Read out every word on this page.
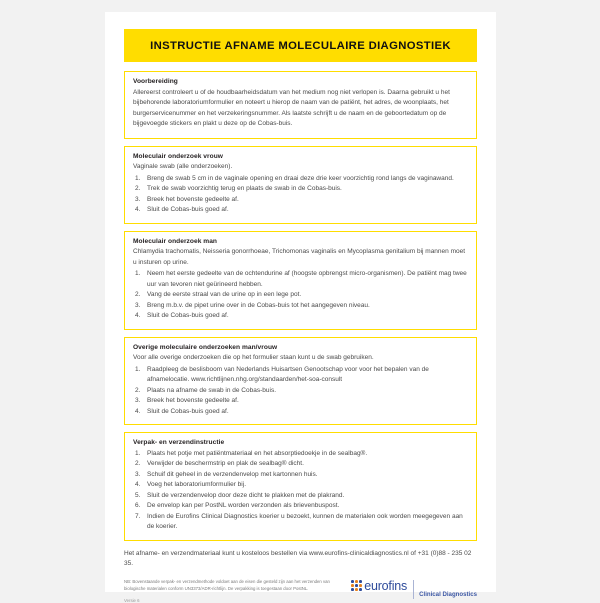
INSTRUCTIE AFNAME MOLECULAIRE DIAGNOSTIEK
Voorbereiding

Allereerst controleert u of de houdbaarheidsdatum van het medium nog niet verlopen is. Daarna gebruikt u het bijbehorende laboratoriumformulier en noteert u hierop de naam van de patiënt, het adres, de woonplaats, het burgerservicenummer en het verzekeringsnummer. Als laatste schrijft u de naam en de geboortedatum op de bijgevoegde stickers en plakt u deze op de Cobas-buis.

Moleculair onderzoek vrouw

Vaginale swab (alle onderzoeken).

Breng de swab 5 cm in de vaginale opening en draai deze drie keer voorzichtig rond langs de vaginawand.
Trek de swab voorzichtig terug en plaats de swab in de Cobas-buis.
Breek het bovenste gedeelte af.
Sluit de Cobas-buis goed af.
Moleculair onderzoek man

Chlamydia trachomatis, Neisseria gonorrhoeae, Trichomonas vaginalis en Mycoplasma genitalium bij mannen moet u insturen op urine.

Neem het eerste gedeelte van de ochtendurine af (hoogste opbrengst micro-organismen). De patiënt mag twee uur van tevoren niet geürineerd hebben.
Vang de eerste straal van de urine op in een lege pot.
Breng m.b.v. de pipet urine over in de Cobas-buis tot het aangegeven niveau.
Sluit de Cobas-buis goed af.
Overige moleculaire onderzoeken man/vrouw

Voor alle overige onderzoeken die op het formulier staan kunt u de swab gebruiken.

Raadpleeg de beslisboom van Nederlands Huisartsen Genootschap voor voor het bepalen van de afnamelocatie. www.richtlijnen.nhg.org/standaarden/het-soa-consult
Plaats na afname de swab in de Cobas-buis.
Breek het bovenste gedeelte af.
Sluit de Cobas-buis goed af.
Verpak- en verzendinstructie
Plaats het potje met patiëntmateriaal en het absorptiedoekje in de sealbag®.
Verwijder de beschermstrip en plak de sealbag® dicht.
Schuif dit geheel in de verzendenvelop met kartonnen huis.
Voeg het laboratoriumformulier bij.
Sluit de verzendenvelop door deze dicht te plakken met de plakrand.
De envelop kan per PostNL worden verzonden als brievenbuspost.
Indien de Eurofins Clinical Diagnostics koerier u bezoekt, kunnen de materialen ook worden meegegeven aan de koerier.
Het afname- en verzendmateriaal kunt u kosteloos bestellen via www.eurofins-clinicaldiagnostics.nl of +31 (0)88 - 235 02 35.
NB: Bovenstaande verpak- en verzendmethode voldoet aan de eisen die gesteld zijn aan het verzenden van biologische materialen conform UN3373/ADR-richtlijn. De verpakking is toegestaan door PostNL.
Versie 6
eurofins
Clinical Diagnostics
